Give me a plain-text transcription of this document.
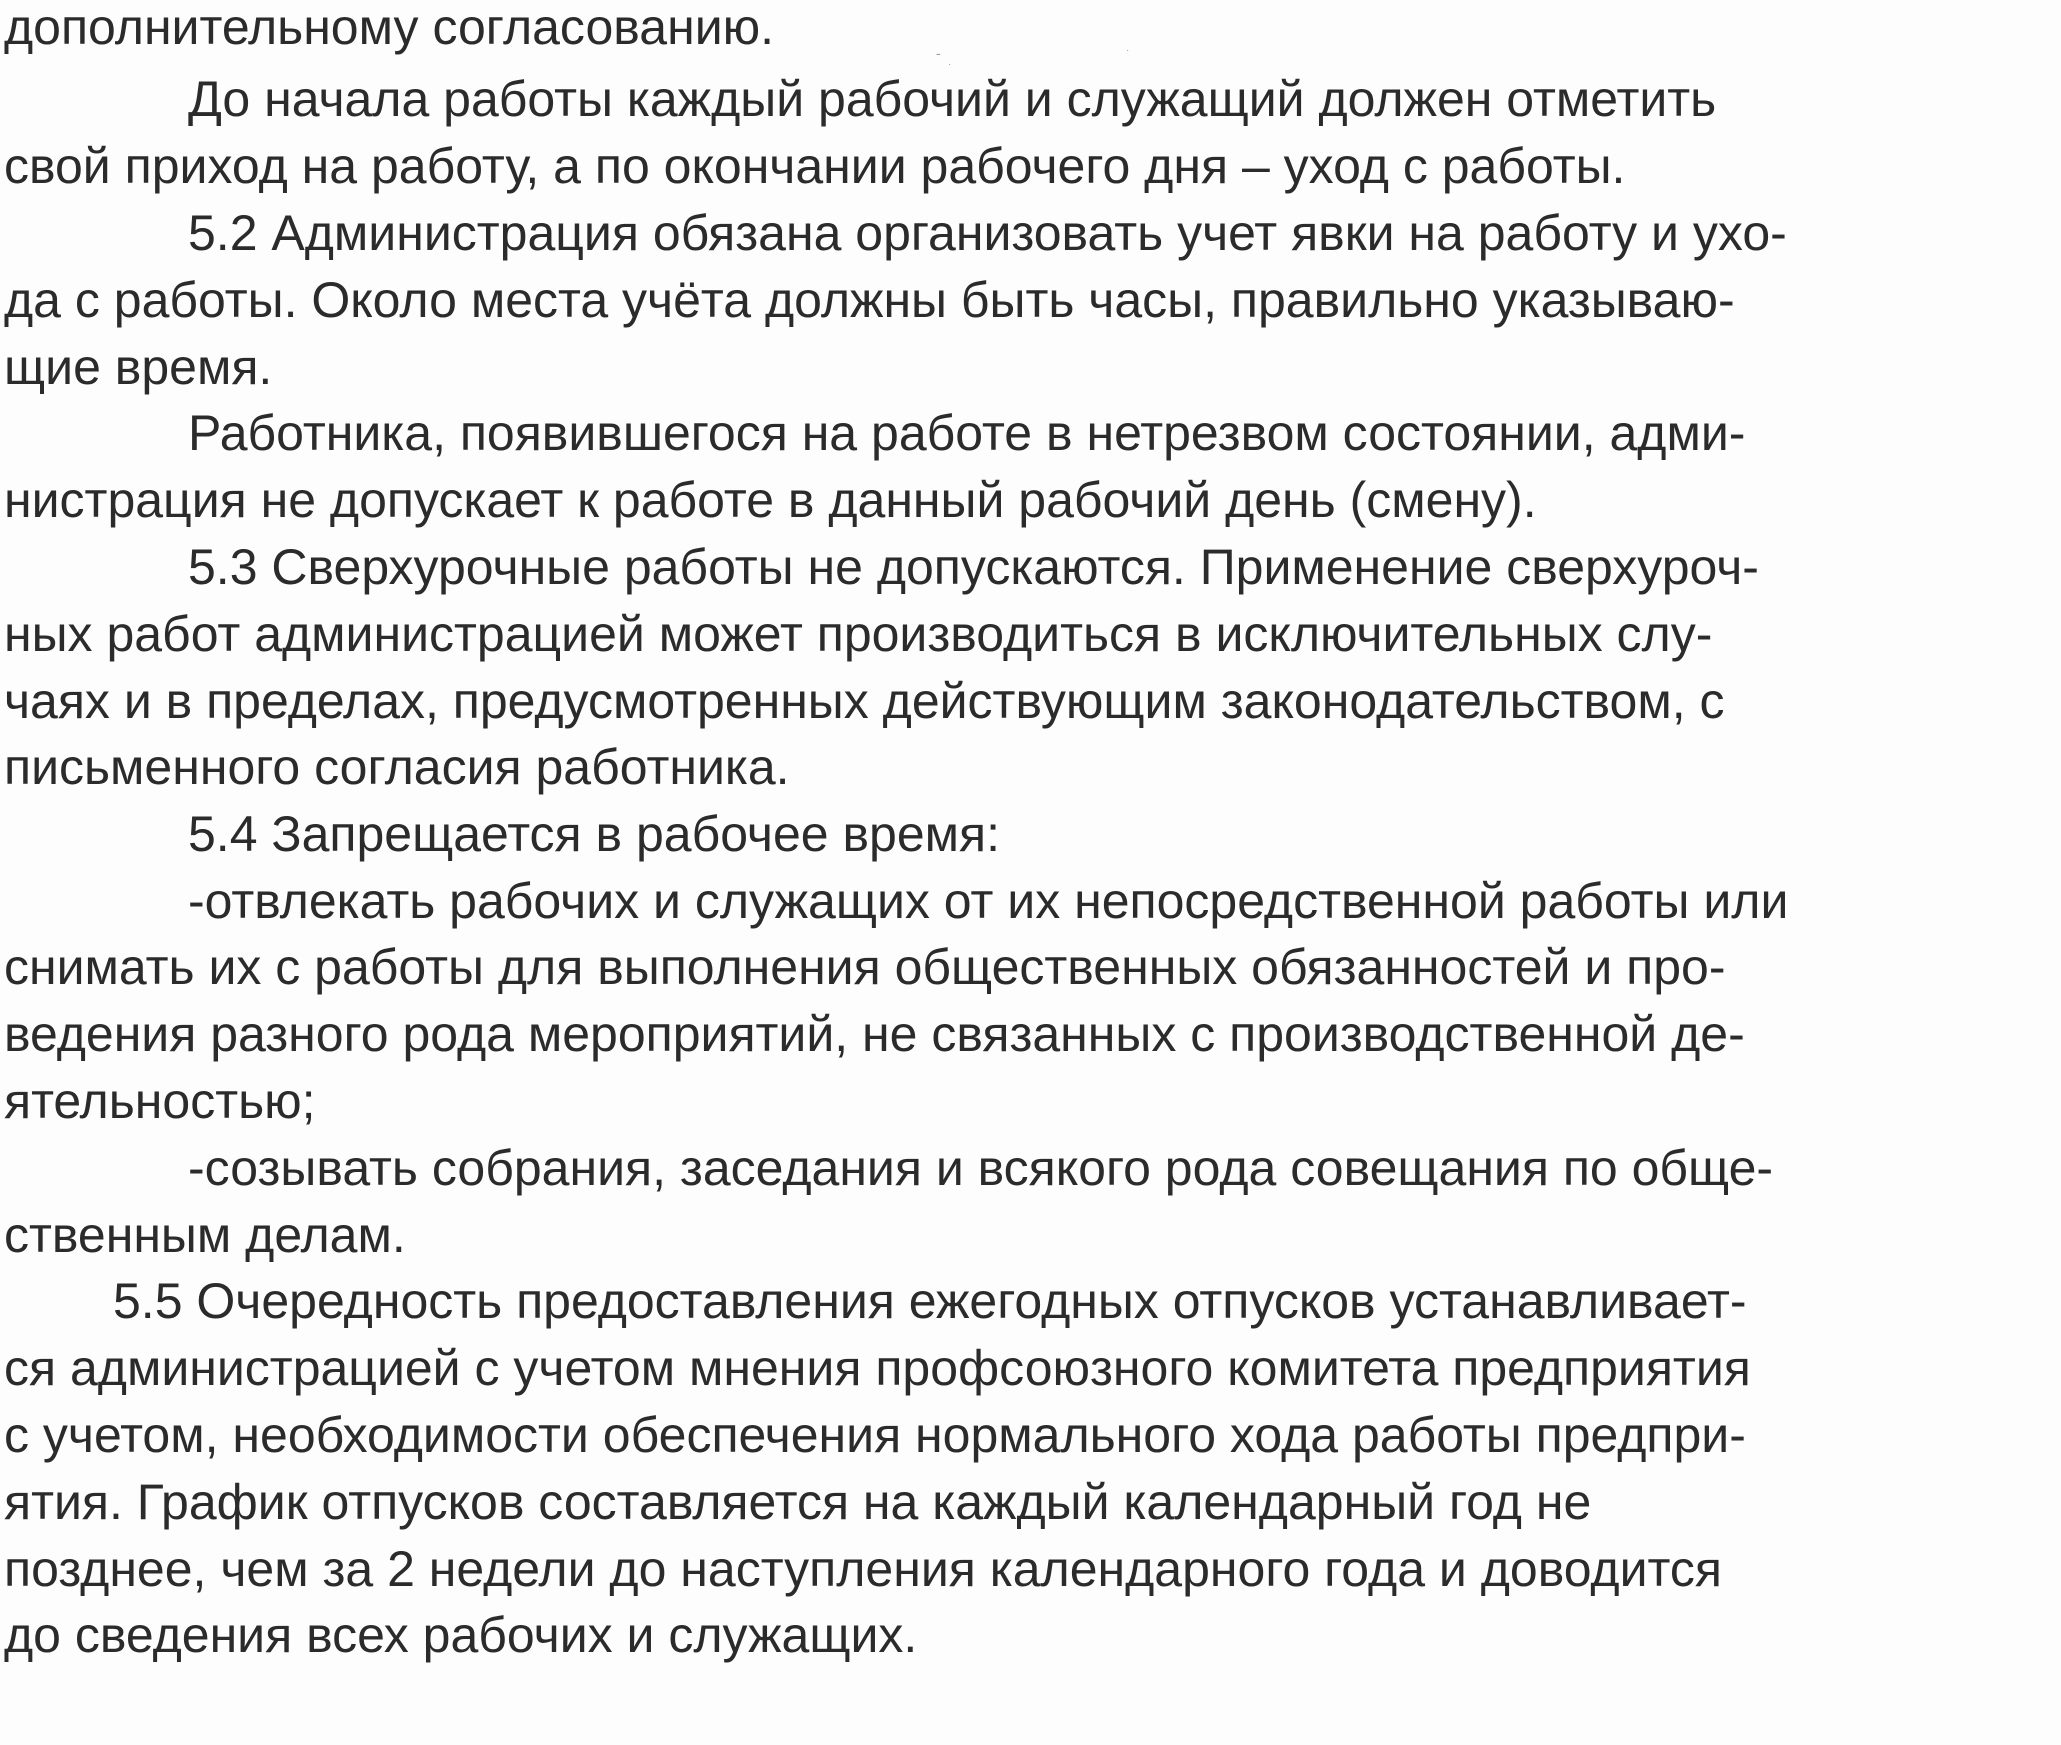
дополнительному согласованию.

До начала работы каждый рабочий и служащий должен отметить

свой приход на работу, а по окончании рабочего дня – уход с работы.

5.2 Администрация обязана организовать учет явки на работу и ухо-

да с работы. Около места учёта должны быть часы, правильно указываю-

щие время.

Работника, появившегося на работе в нетрезвом состоянии, адми-

нистрация не допускает к работе в данный рабочий день (смену).

5.3 Сверхурочные работы не допускаются. Применение сверхуроч-

ных работ администрацией может производиться в исключительных слу-

чаях и в пределах, предусмотренных действующим законодательством, с

письменного согласия работника.

5.4 Запрещается в рабочее время:

-отвлекать рабочих и служащих от их непосредственной работы или

снимать их с работы для выполнения общественных обязанностей и про-

ведения разного рода мероприятий, не связанных с производственной де-

ятельностью;

-созывать собрания, заседания и всякого рода совещания по обще-

ственным делам.

5.5 Очередность предоставления ежегодных отпусков устанавливает-

ся администрацией с учетом мнения профсоюзного комитета предприятия

с учетом, необходимости обеспечения нормального хода работы предпри-

ятия. График отпусков составляется на каждый календарный год не

позднее, чем за 2 недели до наступления календарного года и доводится

до сведения всех рабочих и служащих.

-
·
·
